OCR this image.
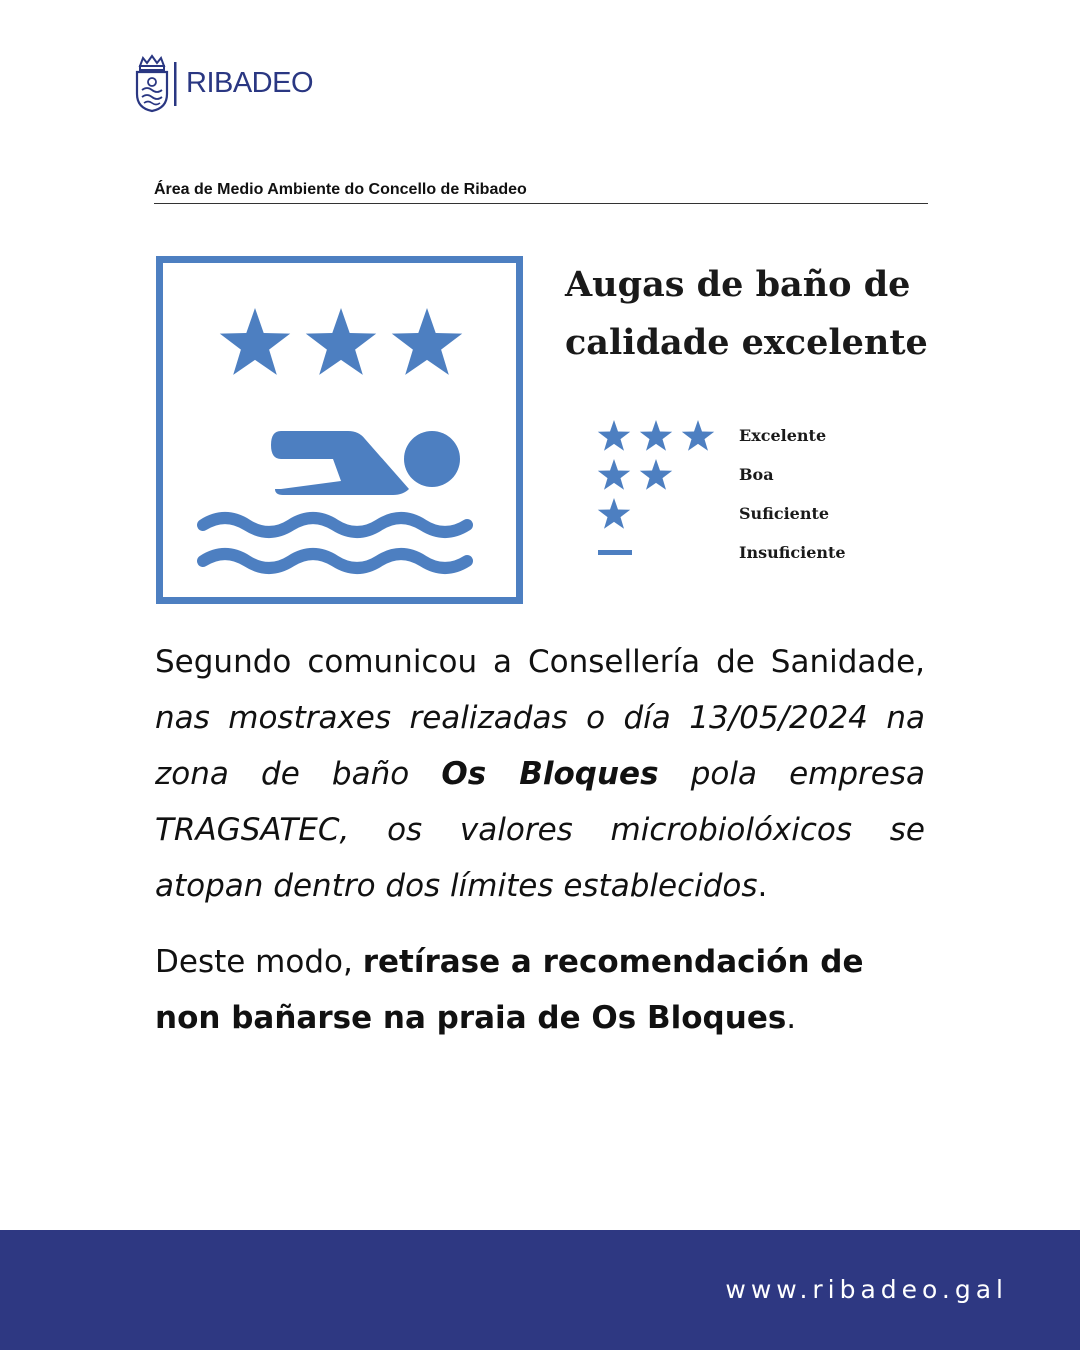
RIBADEO
Área de Medio Ambiente do Concello de Ribadeo
Augas de baño de
calidade excelente
Excelente
Boa
Suficiente
Insuficiente

Segundo comunicou a Consellería de Sanidade, nas mostraxes realizadas o día 13/05/2024 na zona de baño Os Bloques pola empresa TRAGSATEC, os valores microbiolóxicos se atopan dentro dos límites establecidos.

Deste modo, retírase a recomendación de non bañarse na praia de Os Bloques.

www.ribadeo.gal
